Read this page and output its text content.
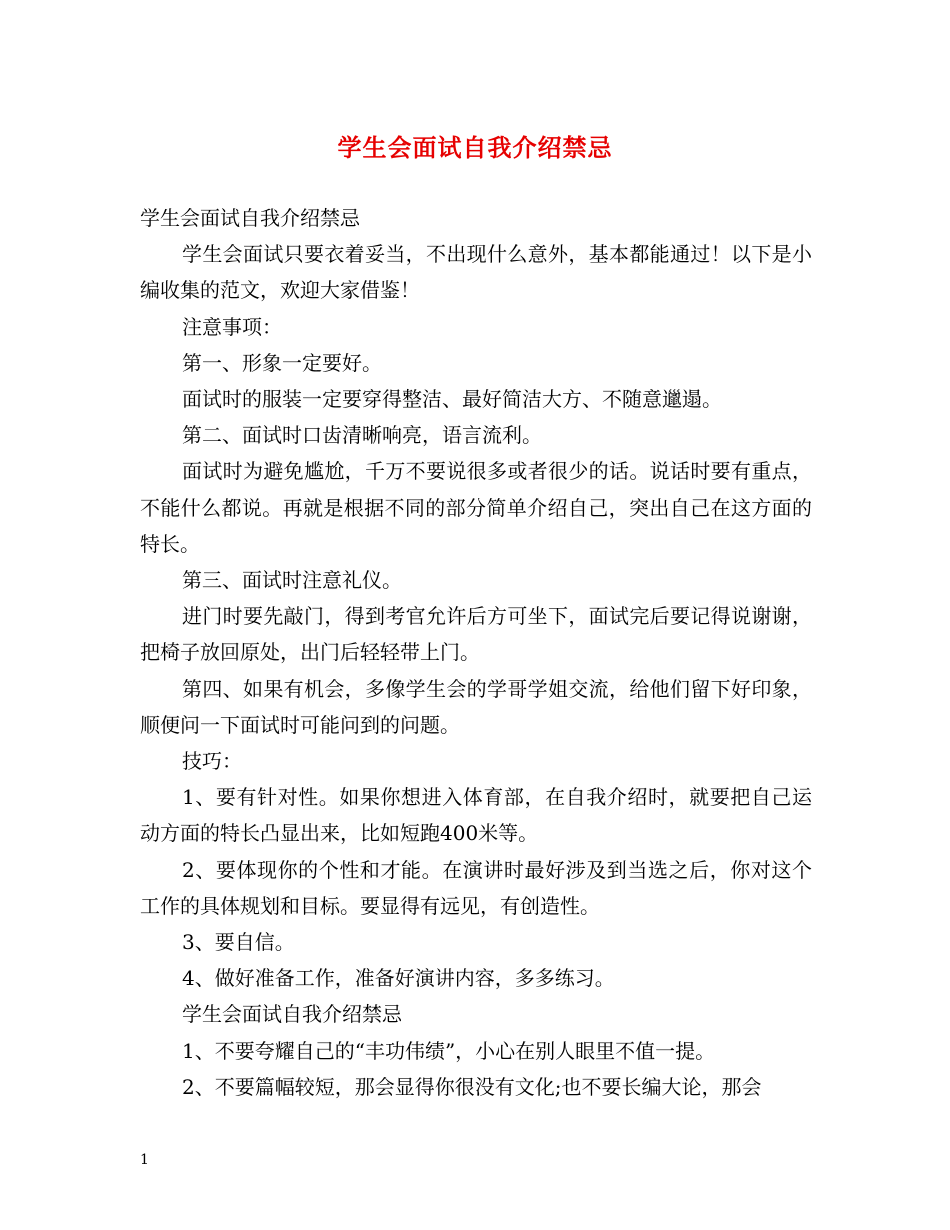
学生会面试自我介绍禁忌

学生会面试自我介绍禁忌

学生会面试只要衣着妥当，不出现什么意外，基本都能通过！以下是小编收集的范文，欢迎大家借鉴！

注意事项：

第一、形象一定要好。

面试时的服装一定要穿得整洁、最好简洁大方、不随意邋遢。

第二、面试时口齿清晰响亮，语言流利。

面试时为避免尴尬，千万不要说很多或者很少的话。说话时要有重点，不能什么都说。再就是根据不同的部分简单介绍自己，突出自己在这方面的特长。

第三、面试时注意礼仪。

进门时要先敲门，得到考官允许后方可坐下，面试完后要记得说谢谢，把椅子放回原处，出门后轻轻带上门。

第四、如果有机会，多像学生会的学哥学姐交流，给他们留下好印象，顺便问一下面试时可能问到的问题。

技巧：

1、要有针对性。如果你想进入体育部，在自我介绍时，就要把自己运动方面的特长凸显出来，比如短跑400米等。

2、要体现你的个性和才能。在演讲时最好涉及到当选之后，你对这个工作的具体规划和目标。要显得有远见，有创造性。

3、要自信。

4、做好准备工作，准备好演讲内容，多多练习。

学生会面试自我介绍禁忌

1、不要夸耀自己的“丰功伟绩”，小心在别人眼里不值一提。

2、不要篇幅较短，那会显得你很没有文化;也不要长编大论，那会

1
